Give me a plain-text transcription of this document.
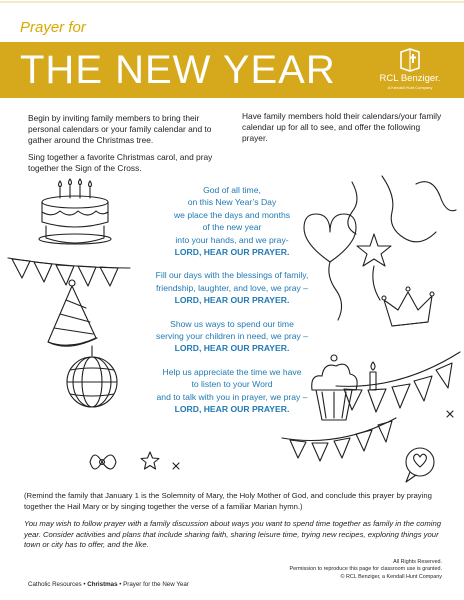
Prayer for
THE NEW YEAR	RCL Benziger.
A Kendall Hunt Company

Begin by inviting family members to bring their personal calendars or your family calendar and to gather around the Christmas tree.

Sing together a favorite Christmas carol, and pray together the Sign of the Cross.

Have family members hold their calendars/your family calendar up for all to see, and offer the following prayer.

God of all time,
on this New Year’s Day
we place the days and months
of the new year
into your hands, and we pray-
LORD, HEAR OUR PRAYER.
Fill our days with the blessings of family,
friendship, laughter, and love, we pray –
LORD, HEAR OUR PRAYER.
Show us ways to spend our time
serving your children in need, we pray –
LORD, HEAR OUR PRAYER.
Help us appreciate the time we have
to listen to your Word
and to talk with you in prayer, we pray –
LORD, HEAR OUR PRAYER.

(Remind the family that January 1 is the Solemnity of Mary, the Holy Mother of God, and conclude this prayer by praying together the Hail Mary or by singing together the verse of a familiar Marian hymn.)

You may wish to follow prayer with a family discussion about ways you want to spend time together as family in the coming year. Consider activities and plans that include sharing faith, sharing leisure time, trying new recipes, exploring things your town or city has to offer, and the like.

Catholic Resources • Christmas • Prayer for the New Year
All Rights Reserved.
Permission to reproduce this page for classroom use is granted.
© RCL Benziger, a Kendall Hunt Company
